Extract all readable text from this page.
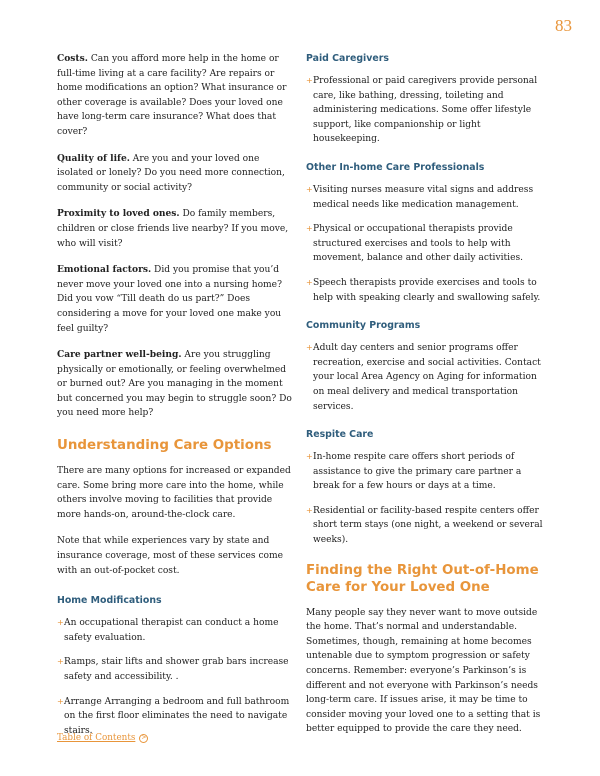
83

Costs. Can you afford more help in the home or full-time living at a care facility? Are repairs or home modifications an option? What insurance or other coverage is available? Does your loved one have long-term care insurance? What does that cover?

Quality of life. Are you and your loved one isolated or lonely? Do you need more connection, community or social activity?

Proximity to loved ones. Do family members, children or close friends live nearby? If you move, who will visit?

Emotional factors. Did you promise that you’d never move your loved one into a nursing home? Did you vow “Till death do us part?” Does considering a move for your loved one make you feel guilty?

Care partner well-being. Are you struggling physically or emotionally, or feeling overwhelmed or burned out? Are you managing in the moment but concerned you may begin to struggle soon? Do you need more help?

Understanding Care Options

There are many options for increased or expanded care. Some bring more care into the home, while others involve moving to facilities that provide more hands-on, around-the-clock care.

Note that while experiences vary by state and insurance coverage, most of these services come with an out-of-pocket cost.

Home Modifications
+ An occupational therapist can conduct a home safety evaluation.
+ Ramps, stair lifts and shower grab bars increase safety and accessibility. .
+ Arrange Arranging a bedroom and full bathroom on the first floor eliminates the need to navigate stairs.
Paid Caregivers
+ Professional or paid caregivers provide personal care, like bathing, dressing, toileting and administering medications. Some offer lifestyle support, like companionship or light housekeeping.
Other In-home Care Professionals
+ Visiting nurses measure vital signs and address medical needs like medication management.
+ Physical or occupational therapists provide structured exercises and tools to help with movement, balance and other daily activities.
+ Speech therapists provide exercises and tools to help with speaking clearly and swallowing safely.
Community Programs
+ Adult day centers and senior programs offer recreation, exercise and social activities. Contact your local Area Agency on Aging for information on meal delivery and medical transportation services.
Respite Care
+ In-home respite care offers short periods of assistance to give the primary care partner a break for a few hours or days at a time.
+ Residential or facility-based respite centers offer short term stays (one night, a weekend or several weeks).
Finding the Right Out-of-Home Care for Your Loved One

Many people say they never want to move outside the home. That’s normal and understandable. Sometimes, though, remaining at home becomes untenable due to symptom progression or safety concerns. Remember: everyone’s Parkinson’s is different and not everyone with Parkinson’s needs long-term care. If issues arise, it may be time to consider moving your loved one to a setting that is better equipped to provide the care they need.

Table of Contents >
